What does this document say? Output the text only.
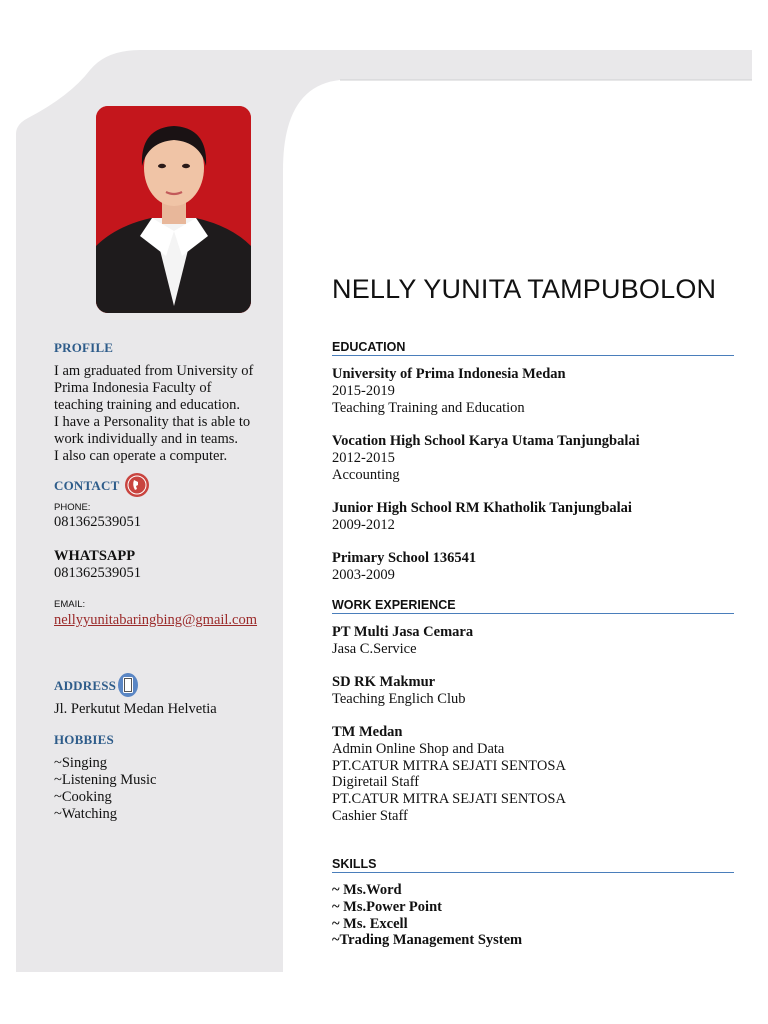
PROFILE
I am graduated from University of
Prima Indonesia Faculty of
teaching training and education.
I have a Personality that is able to
work individually and in teams.
I also can operate a computer.
CONTACT
PHONE:
081362539051
WHATSAPP
081362539051
EMAIL:
nellyyunitabaringbing@gmail.com
ADDRESS
Jl. Perkutut Medan Helvetia
HOBBIES
~Singing
~Listening Music
~Cooking
~Watching
NELLY YUNITA TAMPUBOLON
EDUCATION
University of Prima Indonesia Medan
2015-2019
Teaching Training and Education
Vocation High School Karya Utama Tanjungbalai
2012-2015
Accounting
Junior High School RM Khatholik Tanjungbalai
2009-2012
Primary School 136541
2003-2009
WORK EXPERIENCE
PT Multi Jasa Cemara
Jasa C.Service
SD RK Makmur
Teaching Englich Club
TM Medan
Admin Online Shop and Data
PT.CATUR MITRA SEJATI SENTOSA
Digiretail Staff
PT.CATUR MITRA SEJATI SENTOSA
Cashier Staff
SKILLS
~ Ms.Word
~ Ms.Power Point
~ Ms. Excell
~Trading Management System
